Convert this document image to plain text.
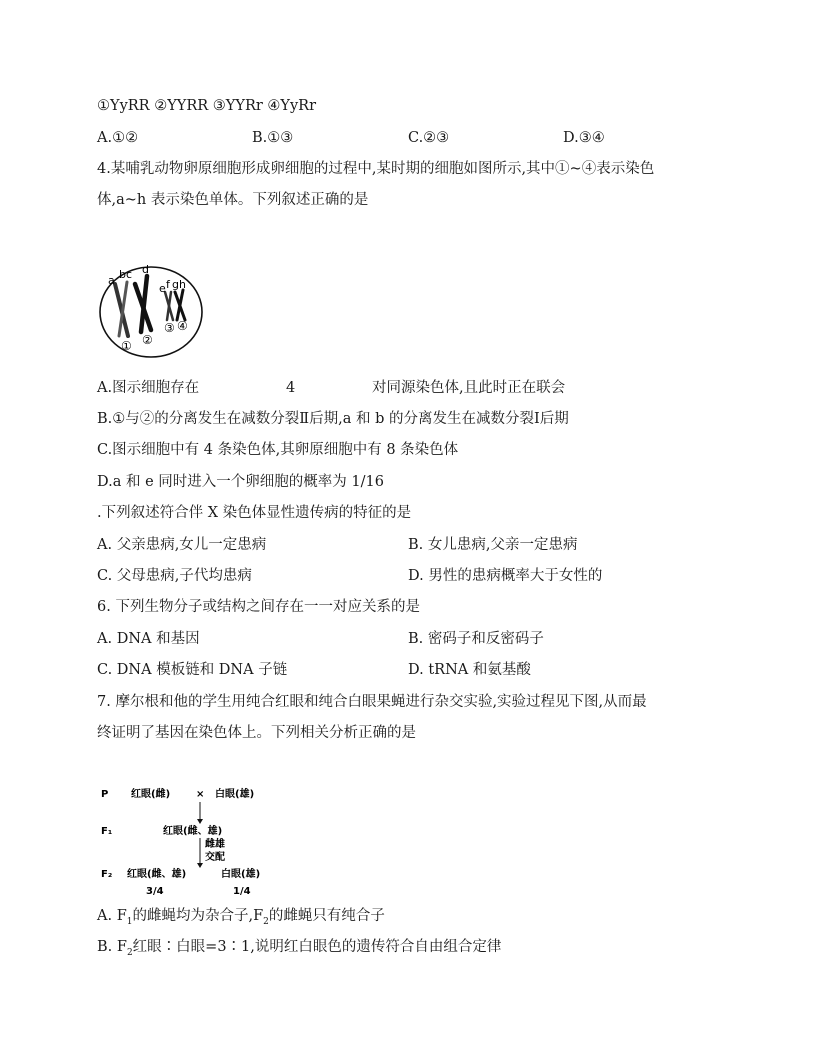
①YyRR ②YYRR ③YYRr ④YyRr
A.①②	B.①③	C.②③	D.③④
4.某哺乳动物卵原细胞形成卵细胞的过程中,某时期的细胞如图所示,其中①~④表示染色
体,a~h 表示染色单体。下列叙述正确的是
a b c d
e f g h
① ②
③ ④
A.图示细胞存在	4	对同源染色体,且此时正在联会
B.①与②的分离发生在减数分裂Ⅱ后期,a 和 b 的分离发生在减数分裂Ⅰ后期
C.图示细胞中有 4 条染色体,其卵原细胞中有 8 条染色体
D.a 和 e 同时进入一个卵细胞的概率为 1/16
.下列叙述符合伴 X 染色体显性遗传病的特征的是
A. 父亲患病,女儿一定患病	B. 女儿患病,父亲一定患病
C. 父母患病,子代均患病	D. 男性的患病概率大于女性的
6. 下列生物分子或结构之间存在一一对应关系的是
A. DNA 和基因	B. 密码子和反密码子
C. DNA 模板链和 DNA 子链	D. tRNA 和氨基酸
7. 摩尔根和他的学生用纯合红眼和纯合白眼果蝇进行杂交实验,实验过程见下图,从而最
终证明了基因在染色体上。下列相关分析正确的是
P 红眼(雌)	× 白眼(雄)
F₁	红眼(雌、雄)
雌雄
交配
F₂ 红眼(雌、雄)	白眼(雄)
3/4	1/4
A. $F_1$的雌蝇均为杂合子$,F_2$的雌蝇只有纯合子
B. $F_2$红眼∶白眼=3∶1,说明红白眼色的遗传符合自由组合定律
